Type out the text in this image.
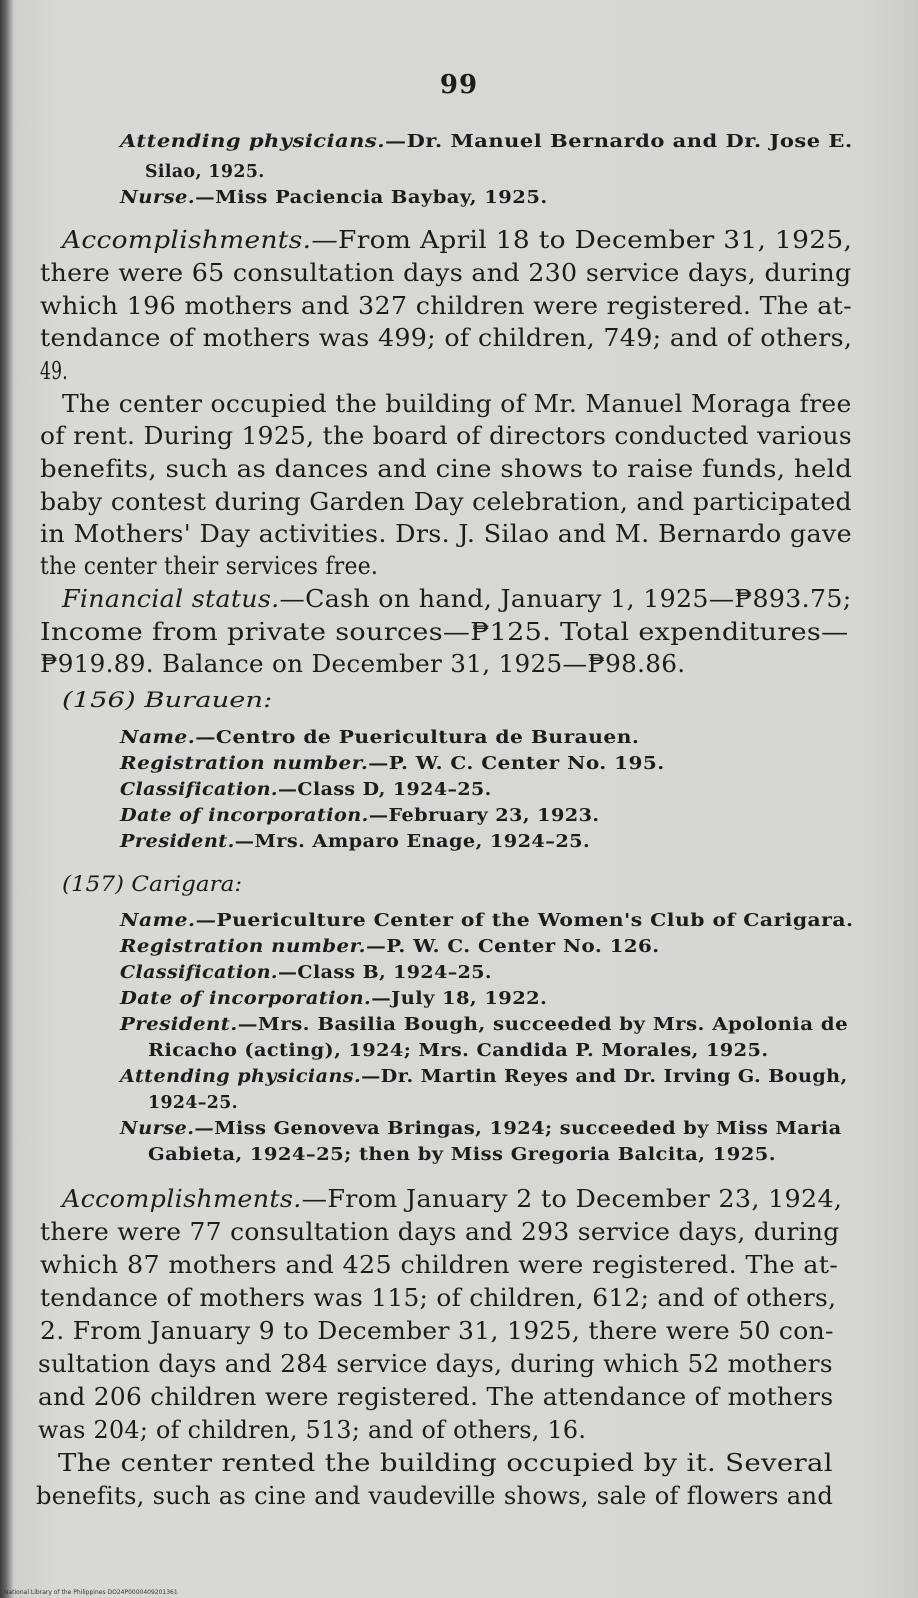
99
Attending physicians.—Dr. Manuel Bernardo and Dr. Jose E.
Silao, 1925.
Nurse.—Miss Paciencia Baybay, 1925.
Accomplishments.—From April 18 to December 31, 1925,
there were 65 consultation days and 230 service days, during
which 196 mothers and 327 children were registered. The at-
tendance of mothers was 499; of children, 749; and of others,
49.
The center occupied the building of Mr. Manuel Moraga free
of rent. During 1925, the board of directors conducted various
benefits, such as dances and cine shows to raise funds, held
baby contest during Garden Day celebration, and participated
in Mothers' Day activities. Drs. J. Silao and M. Bernardo gave
the center their services free.
Financial status.—Cash on hand, January 1, 1925—₱893.75;
Income from private sources—₱125. Total expenditures—
₱919.89. Balance on December 31, 1925—₱98.86.
(156) Burauen:
Name.—Centro de Puericultura de Burauen.
Registration number.—P. W. C. Center No. 195.
Classification.—Class D, 1924–25.
Date of incorporation.—February 23, 1923.
President.—Mrs. Amparo Enage, 1924–25.
(157) Carigara:
Name.—Puericulture Center of the Women's Club of Carigara.
Registration number.—P. W. C. Center No. 126.
Classification.—Class B, 1924–25.
Date of incorporation.—July 18, 1922.
President.—Mrs. Basilia Bough, succeeded by Mrs. Apolonia de
Ricacho (acting), 1924; Mrs. Candida P. Morales, 1925.
Attending physicians.—Dr. Martin Reyes and Dr. Irving G. Bough,
1924–25.
Nurse.—Miss Genoveva Bringas, 1924; succeeded by Miss Maria
Gabieta, 1924–25; then by Miss Gregoria Balcita, 1925.
Accomplishments.—From January 2 to December 23, 1924,
there were 77 consultation days and 293 service days, during
which 87 mothers and 425 children were registered. The at-
tendance of mothers was 115; of children, 612; and of others,
2. From January 9 to December 31, 1925, there were 50 con-
sultation days and 284 service days, during which 52 mothers
and 206 children were registered. The attendance of mothers
was 204; of children, 513; and of others, 16.
The center rented the building occupied by it. Several
benefits, such as cine and vaudeville shows, sale of flowers and
National Library of the Philippines DO24P0000409201361
